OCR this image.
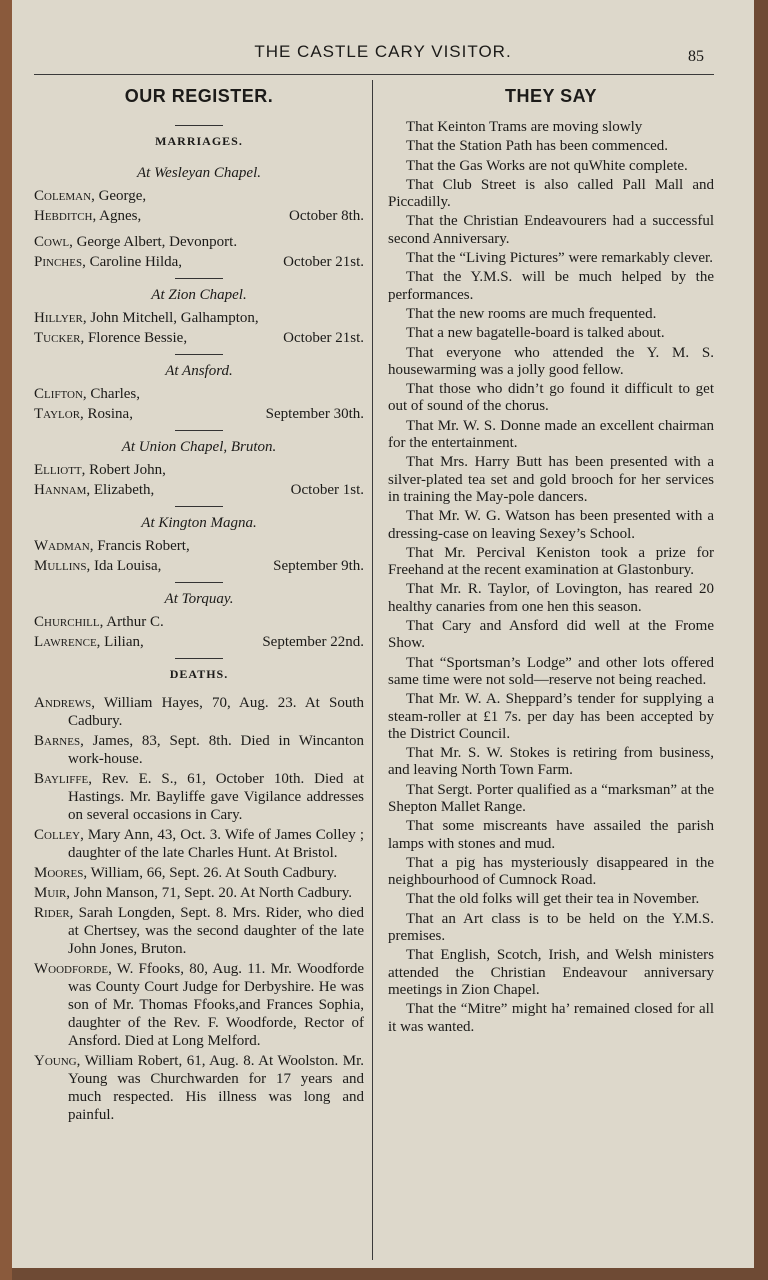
THE CASTLE CARY VISITOR.	85
OUR REGISTER.
MARRIAGES.
At Wesleyan Chapel.
Coleman, George,
Hebditch, Agnes,	October 8th.
Cowl, George Albert, Devonport.
Pinches, Caroline Hilda,	October 21st.
At Zion Chapel.
Hillyer, John Mitchell, Galhampton,
Tucker, Florence Bessie,	October 21st.
At Ansford.
Clifton, Charles,
Taylor, Rosina,	September 30th.
At Union Chapel, Bruton.
Elliott, Robert John,
Hannam, Elizabeth,	October 1st.
At Kington Magna.
Wadman, Francis Robert,
Mullins, Ida Louisa,	September 9th.
At Torquay.
Churchill, Arthur C.
Lawrence, Lilian,	September 22nd.
DEATHS.
Andrews, William Hayes, 70, Aug. 23. At South Cadbury.
Barnes, James, 83, Sept. 8th. Died in Wincanton work-house.
Bayliffe, Rev. E. S., 61, October 10th. Died at Hastings. Mr. Bayliffe gave Vigilance addresses on several occasions in Cary.
Colley, Mary Ann, 43, Oct. 3. Wife of James Colley ; daughter of the late Charles Hunt. At Bristol.
Moores, William, 66, Sept. 26. At South Cadbury.
Muir, John Manson, 71, Sept. 20. At North Cadbury.
Rider, Sarah Longden, Sept. 8. Mrs. Rider, who died at Chertsey, was the second daughter of the late John Jones, Bruton.
Woodforde, W. Ffooks, 80, Aug. 11. Mr. Woodforde was County Court Judge for Derbyshire. He was son of Mr. Thomas Ffooks,and Frances Sophia, daughter of the Rev. F. Woodforde, Rector of Ansford. Died at Long Melford.
Young, William Robert, 61, Aug. 8. At Woolston. Mr. Young was Churchwarden for 17 years and much respected. His illness was long and painful.
THEY SAY
That Keinton Trams are moving slowly
That the Station Path has been commenced.
That the Gas Works are not quWhite complete.
That Club Street is also called Pall Mall and Piccadilly.
That the Christian Endeavourers had a successful second Anniversary.
That the “Living Pictures” were remarkably clever.
That the Y.M.S. will be much helped by the performances.
That the new rooms are much frequented.
That a new bagatelle-board is talked about.
That everyone who attended the Y. M. S. housewarming was a jolly good fellow.
That those who didn’t go found it difficult to get out of sound of the chorus.
That Mr. W. S. Donne made an excellent chairman for the entertainment.
That Mrs. Harry Butt has been presented with a silver-plated tea set and gold brooch for her services in training the May-pole dancers.
That Mr. W. G. Watson has been presented with a dressing-case on leaving Sexey’s School.
That Mr. Percival Keniston took a prize for Freehand at the recent examination at Glastonbury.
That Mr. R. Taylor, of Lovington, has reared 20 healthy canaries from one hen this season.
That Cary and Ansford did well at the Frome Show.
That “Sportsman’s Lodge” and other lots offered same time were not sold—reserve not being reached.
That Mr. W. A. Sheppard’s tender for supplying a steam-roller at £1 7s. per day has been accepted by the District Council.
That Mr. S. W. Stokes is retiring from business, and leaving North Town Farm.
That Sergt. Porter qualified as a “marksman” at the Shepton Mallet Range.
That some miscreants have assailed the parish lamps with stones and mud.
That a pig has mysteriously disappeared in the neighbourhood of Cumnock Road.
That the old folks will get their tea in November.
That an Art class is to be held on the Y.M.S. premises.
That English, Scotch, Irish, and Welsh ministers attended the Christian Endeavour anniversary meetings in Zion Chapel.
That the “Mitre” might ha’ remained closed for all it was wanted.
